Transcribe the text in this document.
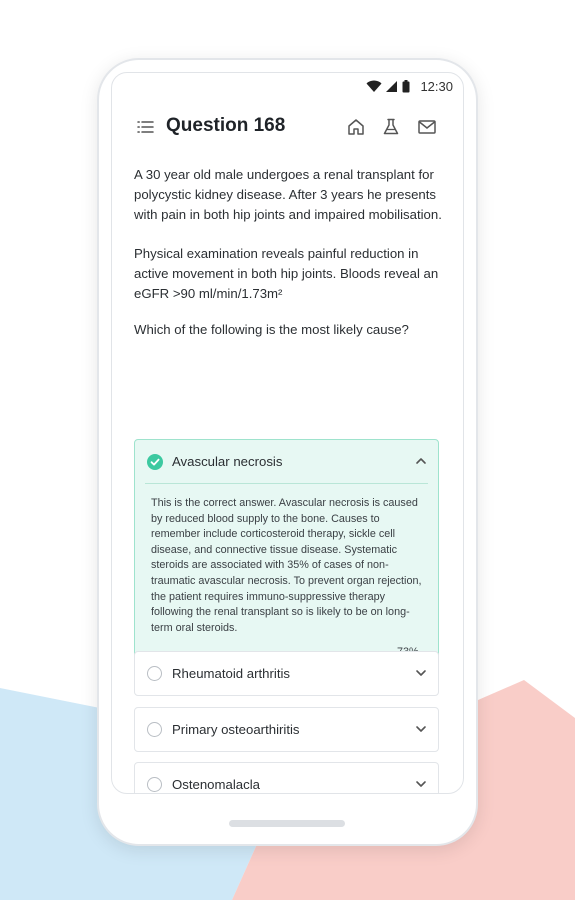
12:30
Question 168

A 30 year old male undergoes a renal transplant for polycystic kidney disease. After 3 years he presents with pain in both hip joints and impaired mobilisation.

Physical examination reveals painful reduction in active movement in both hip joints. Bloods reveal an eGFR >90 ml/min/1.73m²

Which of the following is the most likely cause?

Avascular necrosis

This is the correct answer. Avascular necrosis is caused by reduced blood supply to the bone. Causes to remember include corticosteroid therapy, sickle cell disease, and connective tissue disease. Systematic steroids are associated with 35% of cases of non-traumatic avascular necrosis. To prevent organ rejection, the patient requires immuno-suppressive therapy following the renal transplant so is likely to be on long-term oral steroids.

Rheumatoid arthritis
Primary osteoarthiritis
Ostenomalacla
